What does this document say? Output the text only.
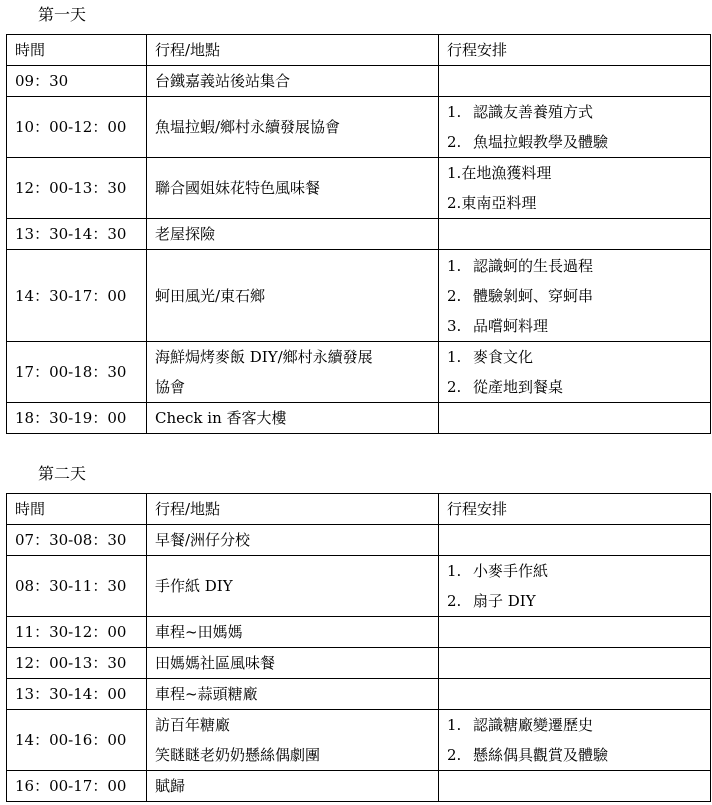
第一天
時間	行程/地點	行程安排
09：30	台鐵嘉義站後站集合	

10：00-12：00	魚塭拉蝦/鄉村永續發展協會	1. 認識友善養殖方式
2. 魚塭拉蝦教學及體驗

12：00-13：30	聯合國姐妹花特色風味餐	1.在地漁獲料理
2.東南亞料理

13：30-14：30	老屋探險	

14：30-17：00	蚵田風光/東石鄉	1. 認識蚵的生長過程
2. 體驗剝蚵、穿蚵串
3. 品嚐蚵料理

17：00-18：30	海鮮焗烤麥飯 DIY/鄉村永續發展
協會	1. 麥食文化
2. 從產地到餐桌

18：30-19：00	Check in 香客大樓	

第二天
時間	行程/地點	行程安排
07：30-08：30	早餐/洲仔分校	

08：30-11：30	手作紙 DIY	1. 小麥手作紙
2. 扇子 DIY

11：30-12：00	車程~田媽媽	

12：00-13：30	田媽媽社區風味餐	

13：30-14：00	車程~蒜頭糖廠	

14：00-16：00	訪百年糖廠
笑瞇瞇老奶奶懸絲偶劇團	1. 認識糖廠變遷歷史
2. 懸絲偶具觀賞及體驗

16：00-17：00	賦歸	
